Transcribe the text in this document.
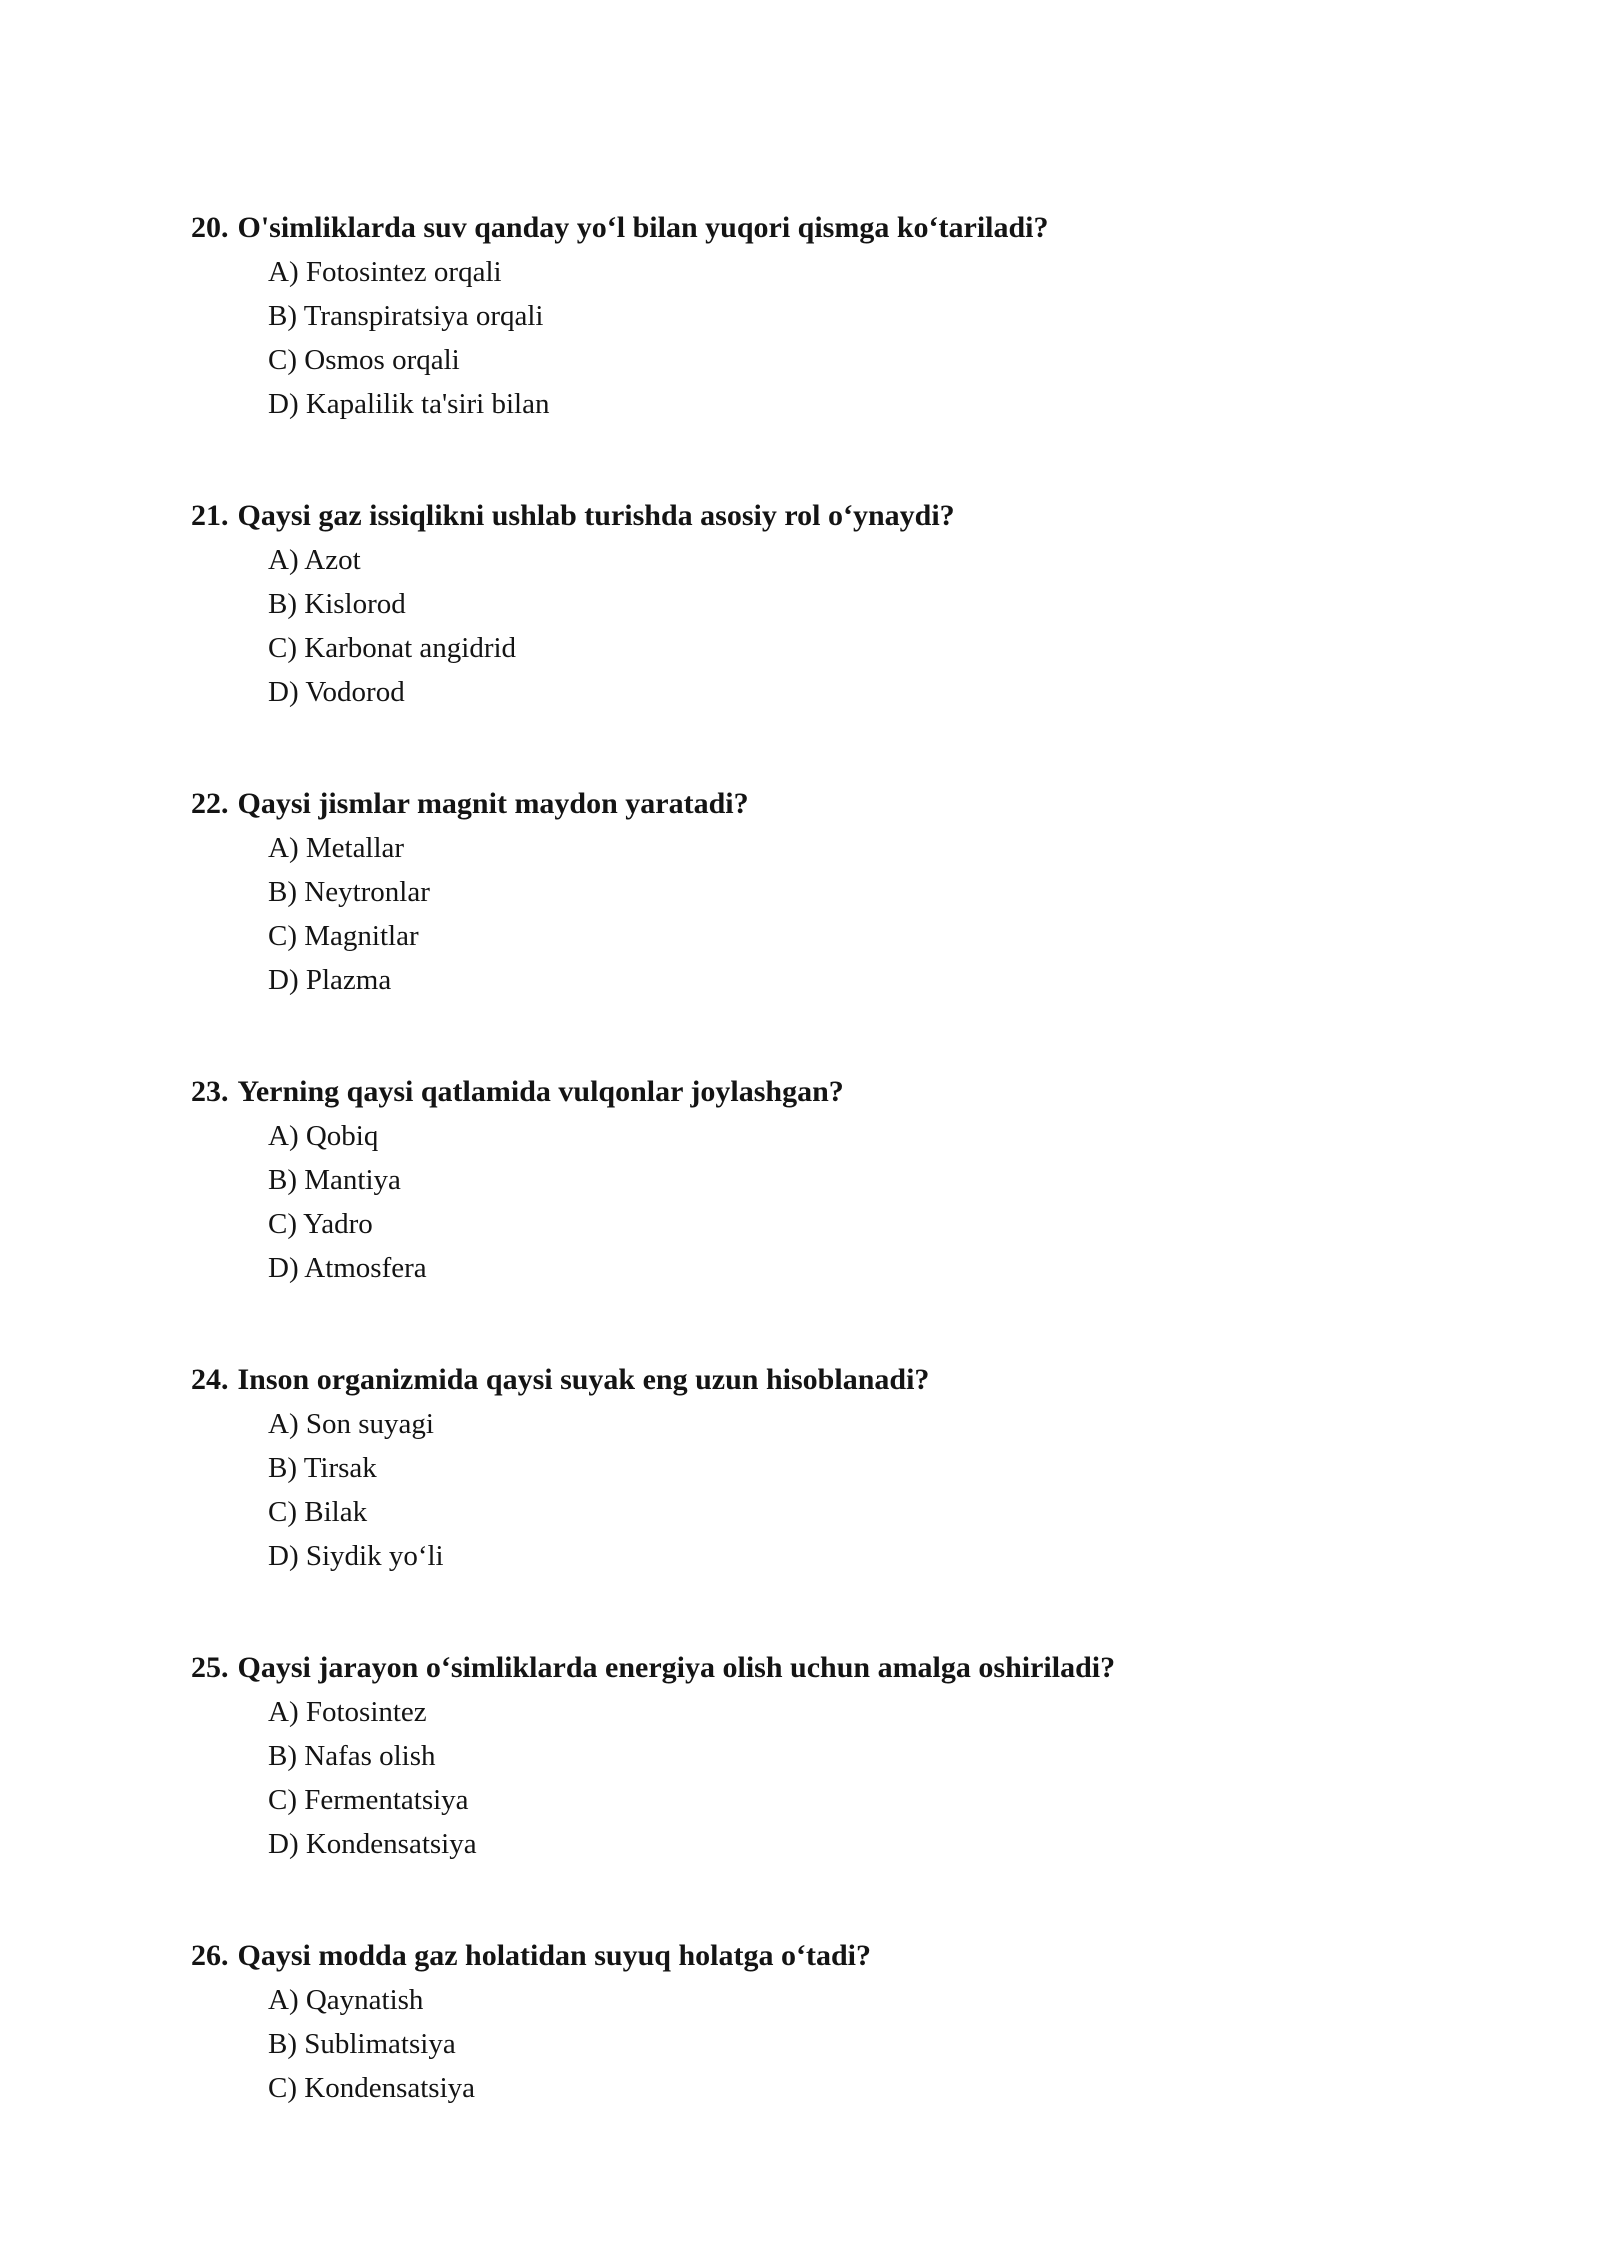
20. O'simliklarda suv qanday yo‘l bilan yuqori qismga ko‘tariladi?
A) Fotosintez orqali
B) Transpiratsiya orqali
C) Osmos orqali
D) Kapalilik ta'siri bilan
21. Qaysi gaz issiqlikni ushlab turishda asosiy rol o‘ynaydi?
A) Azot
B) Kislorod
C) Karbonat angidrid
D) Vodorod
22. Qaysi jismlar magnit maydon yaratadi?
A) Metallar
B) Neytronlar
C) Magnitlar
D) Plazma
23. Yerning qaysi qatlamida vulqonlar joylashgan?
A) Qobiq
B) Mantiya
C) Yadro
D) Atmosfera
24. Inson organizmida qaysi suyak eng uzun hisoblanadi?
A) Son suyagi
B) Tirsak
C) Bilak
D) Siydik yo‘li
25. Qaysi jarayon o‘simliklarda energiya olish uchun amalga oshiriladi?
A) Fotosintez
B) Nafas olish
C) Fermentatsiya
D) Kondensatsiya
26. Qaysi modda gaz holatidan suyuq holatga o‘tadi?
A) Qaynatish
B) Sublimatsiya
C) Kondensatsiya
